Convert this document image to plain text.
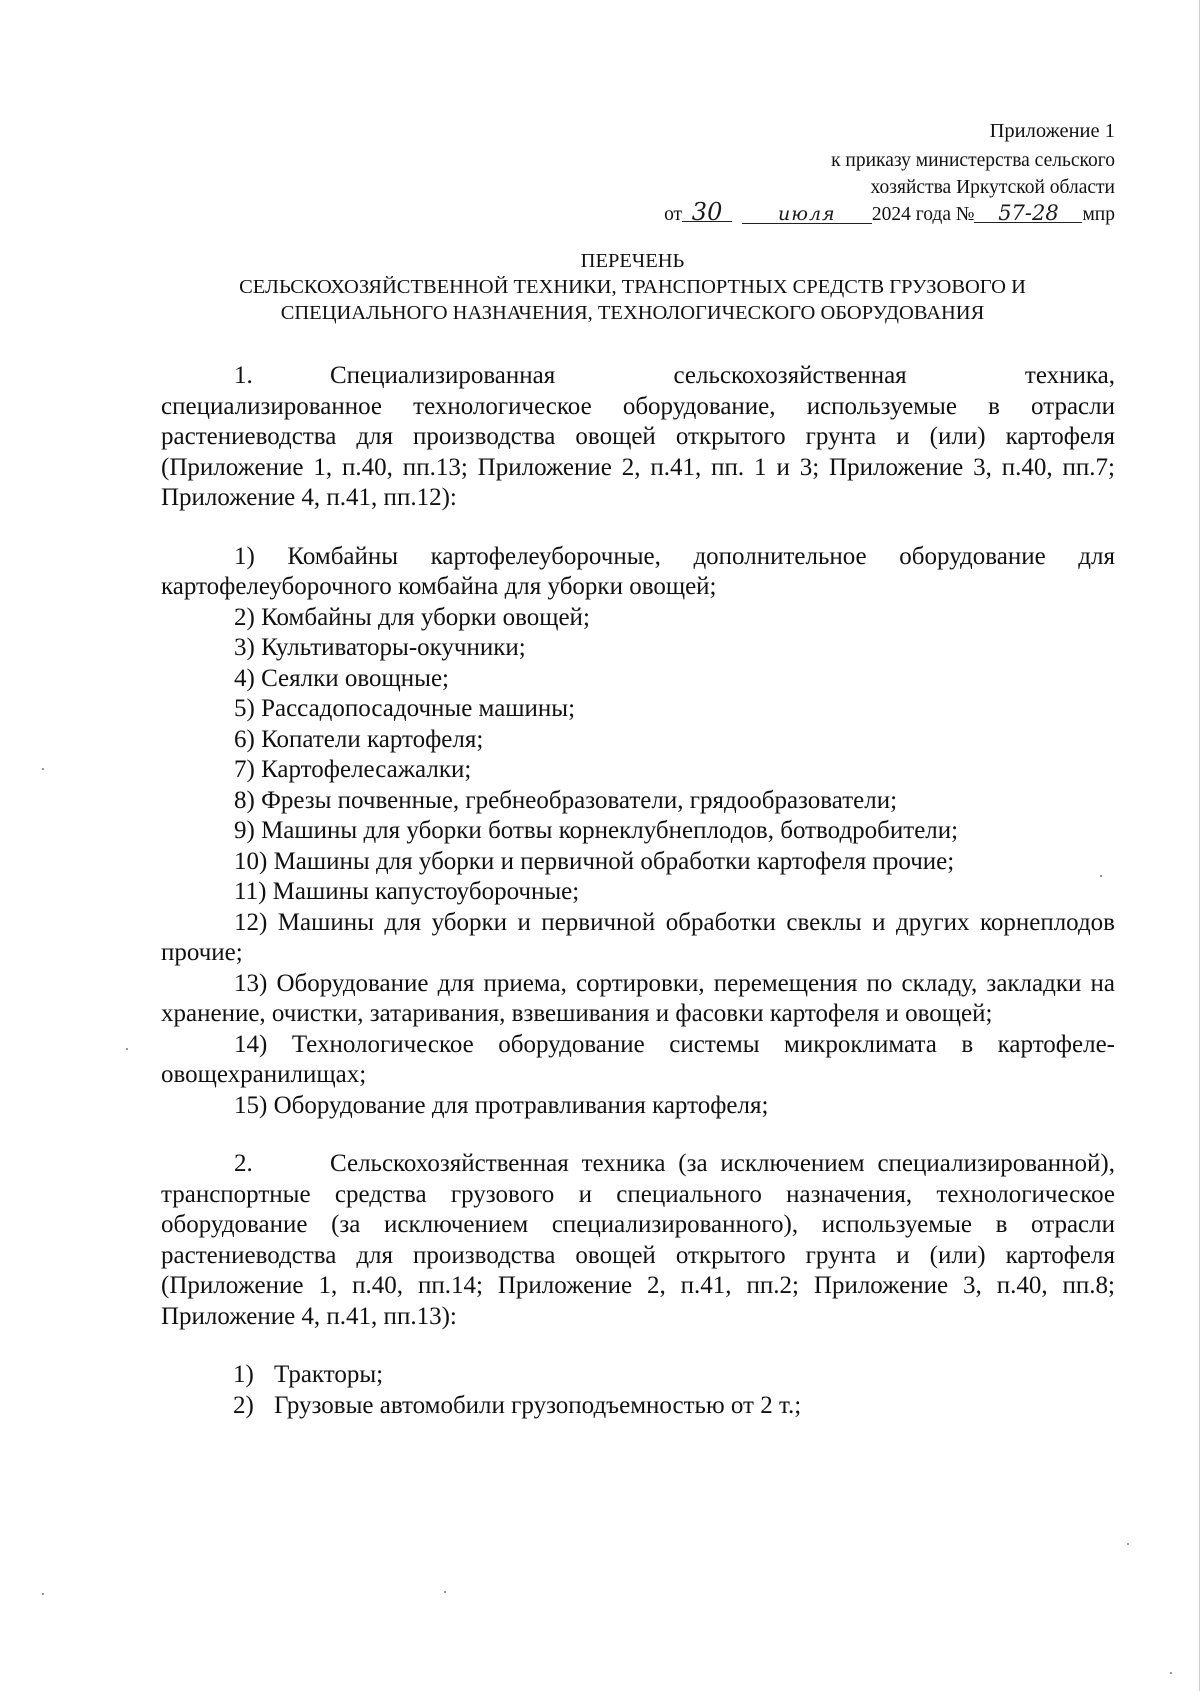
Приложение 1
к приказу министерства сельского
хозяйства Иркутской области
от 30	июля 2024 года № 57-28 мпр
ПЕРЕЧЕНЬ
СЕЛЬСКОХОЗЯЙСТВЕННОЙ ТЕХНИКИ, ТРАНСПОРТНЫХ СРЕДСТВ ГРУЗОВОГО И
СПЕЦИАЛЬНОГО НАЗНАЧЕНИЯ, ТЕХНОЛОГИЧЕСКОГО ОБОРУДОВАНИЯ
1.	Специализированная сельскохозяйственная техника, специализированное технологическое оборудование, используемые в отрасли растениеводства для производства овощей открытого грунта и (или) картофеля (Приложение 1, п.40, пп.13; Приложение 2, п.41, пп. 1 и 3; Приложение 3, п.40, пп.7; Приложение 4, п.41, пп.12):
1) Комбайны картофелеуборочные, дополнительное оборудование для картофелеуборочного комбайна для уборки овощей;
2) Комбайны для уборки овощей;
3) Культиваторы-окучники;
4) Сеялки овощные;
5) Рассадопосадочные машины;
6) Копатели картофеля;
7) Картофелесажалки;
8) Фрезы почвенные, гребнеобразователи, грядообразователи;
9) Машины для уборки ботвы корнеклубнеплодов, ботводробители;
10) Машины для уборки и первичной обработки картофеля прочие;
11) Машины капустоуборочные;
12) Машины для уборки и первичной обработки свеклы и других корнеплодов прочие;
13) Оборудование для приема, сортировки, перемещения по складу, закладки на хранение, очистки, затаривания, взвешивания и фасовки картофеля и овощей;
14) Технологическое оборудование системы микроклимата в картофеле-овощехранилищах;
15) Оборудование для протравливания картофеля;
2.	Сельскохозяйственная техника (за исключением специализированной), транспортные средства грузового и специального назначения, технологическое оборудование (за исключением специализированного), используемые в отрасли растениеводства для производства овощей открытого грунта и (или) картофеля (Приложение 1, п.40, пп.14; Приложение 2, п.41, пп.2; Приложение 3, п.40, пп.8; Приложение 4, п.41, пп.13):
1) Тракторы;
2) Грузовые автомобили грузоподъемностью от 2 т.;
